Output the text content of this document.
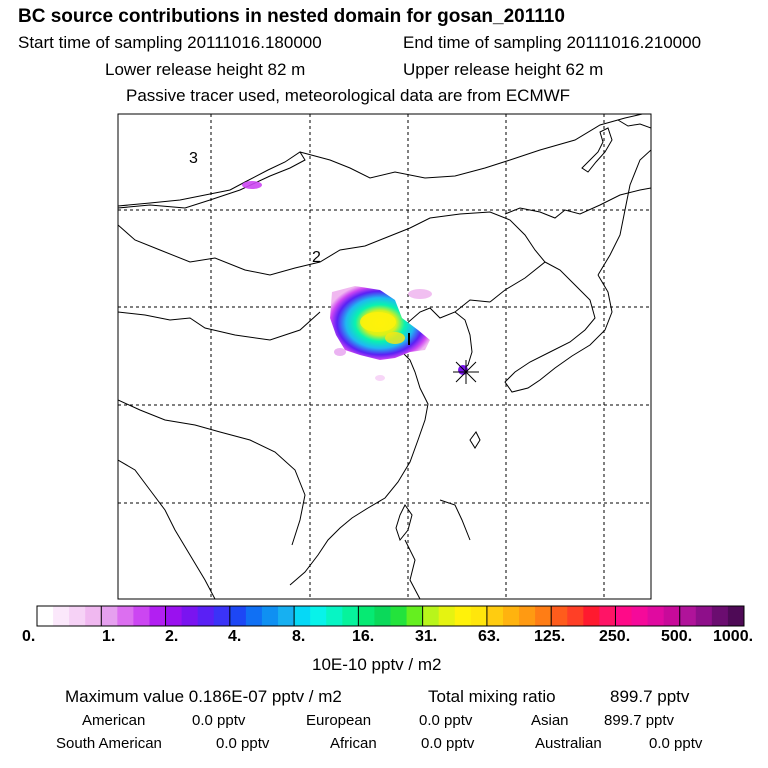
BC source contributions in nested domain for gosan_201110
Start time of sampling 20111016.180000	End time of sampling 20111016.210000
Lower release height 82 m	Upper release height 62 m
Passive tracer used, meteorological data are from ECMWF
3
2
0.	1.	2.	4.	8.	16.	31.	63. 125. 250. 500. 1000.
10E-10 pptv / m2
Maximum value 0.186E-07 pptv / m2	Total mixing ratio	899.7 pptv
American	0.0 pptv	European	0.0 pptv	Asian 899.7 pptv
South American	0.0 pptv	African	0.0 pptv	Australian	0.0 pptv
